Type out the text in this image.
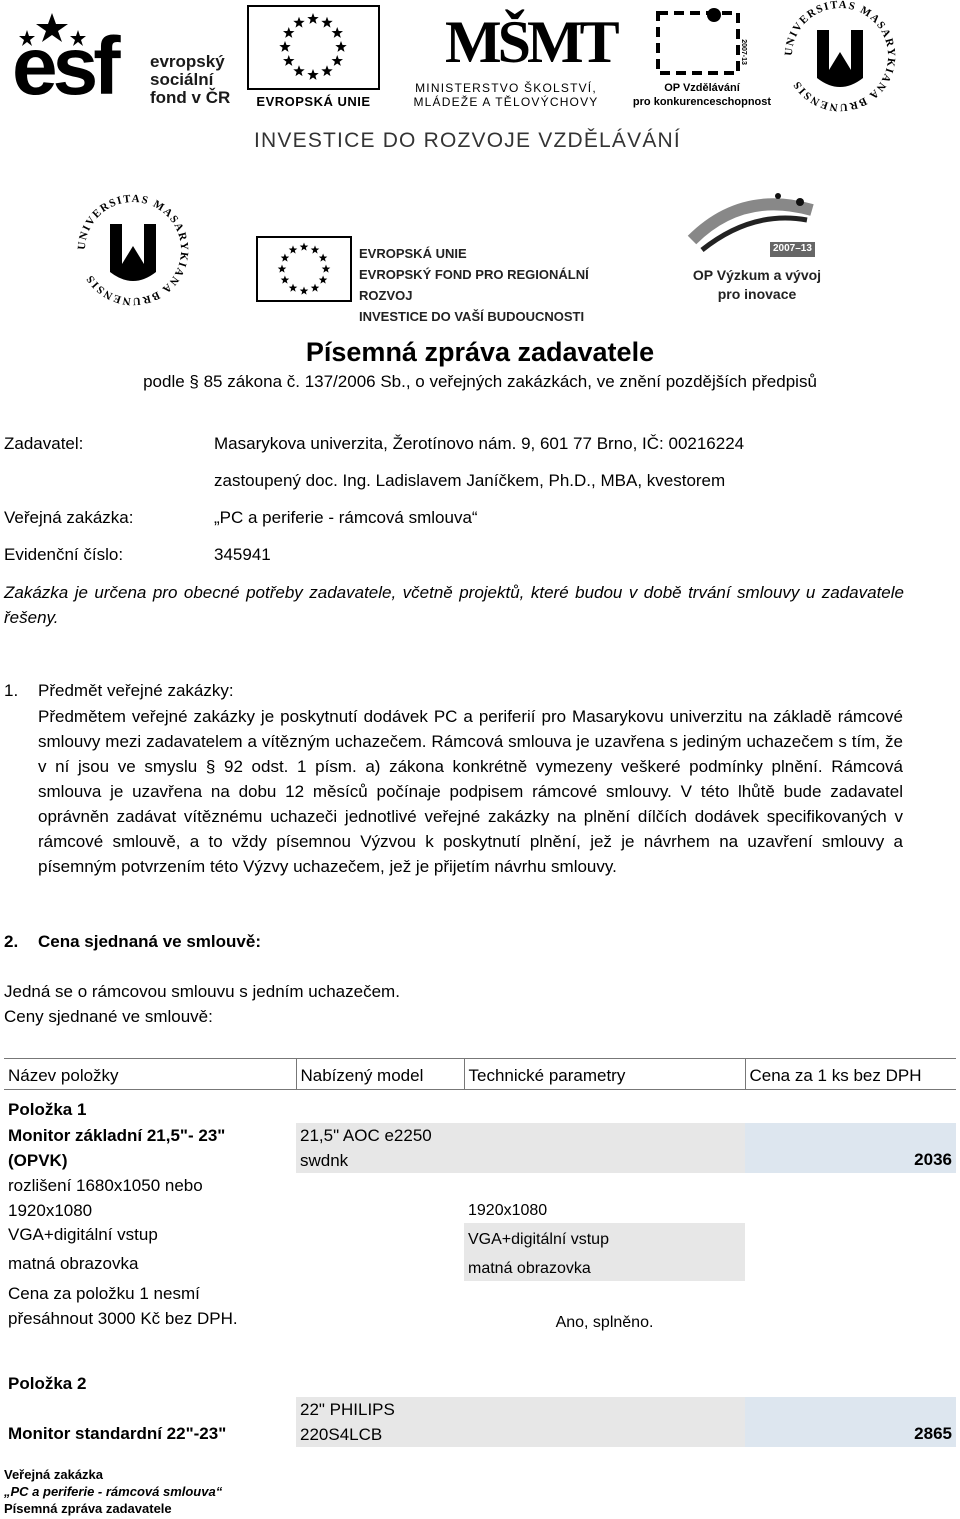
esf evropský
sociální
fond v ČR	EVROPSKÁ UNIE
MŠMT
MINISTERSTVO ŠKOLSTVÍ,
MLÁDEŽE A TĚLOVÝCHOVY
2007-13
OP Vzdělávání
pro konkurenceschopnost
UNIVERSITAS MASARYKIANA BRUNENSIS
INVESTICE DO ROZVOJE VZDĚLÁVÁNÍ
UNIVERSITAS MASARYKIANA BRUNENSIS
EVROPSKÁ UNIE
EVROPSKÝ FOND PRO REGIONÁLNÍ ROZVOJ
INVESTICE DO VAŠÍ BUDOUCNOSTI
2007–13
OP Výzkum a vývoj
pro inovace
Písemná zpráva zadavatele
podle § 85 zákona č. 137/2006 Sb., o veřejných zakázkách, ve znění pozdějších předpisů
Zadavatel:	Masarykova univerzita, Žerotínovo nám. 9, 601 77 Brno, IČ: 00216224
zastoupený doc. Ing. Ladislavem Janíčkem, Ph.D., MBA, kvestorem
Veřejná zakázka:	„PC a periferie - rámcová smlouva“
Evidenční číslo:	345941
Zakázka je určena pro obecné potřeby zadavatele, včetně projektů, které budou v době trvání smlouvy u zadavatele řešeny.
1. Předmět veřejné zakázky:
Předmětem veřejné zakázky je poskytnutí dodávek PC a periferií pro Masarykovu univerzitu na základě rámcové smlouvy mezi zadavatelem a vítězným uchazečem. Rámcová smlouva je uzavřena s jediným uchazečem s tím, že v ní jsou ve smyslu § 92 odst. 1 písm. a) zákona konkrétně vymezeny veškeré podmínky plnění. Rámcová smlouva je uzavřena na dobu 12 měsíců počínaje podpisem rámcové smlouvy. V této lhůtě bude zadavatel oprávněn zadávat vítěznému uchazeči jednotlivé veřejné zakázky na plnění dílčích dodávek specifikovaných v rámcové smlouvě, a to vždy písemnou Výzvou k poskytnutí plnění, jež je návrhem na uzavření smlouvy a písemným potvrzením této Výzvy uchazečem, jež je přijetím návrhu smlouvy.
2. Cena sjednaná ve smlouvě:
Jedná se o rámcovou smlouvu s jedním uchazečem.
Ceny sjednané ve smlouvě:
Název položky	Nabízený model	Technické parametry	Cena za 1 ks bez DPH
Položka 1			
Monitor základní 21,5"- 23" (OPVK)	21,5" AOC e2250 swdnk		2036
rozlišení 1680x1050 nebo 1920x1080		1920x1080	
VGA+digitální vstup		VGA+digitální vstup	
matná obrazovka		matná obrazovka	
Cena za položku 1 nesmí přesáhnout 3000 Kč bez DPH.		Ano, splněno.	
Položka 2			
Monitor standardní 22"-23"	22" PHILIPS 220S4LCB		2865
Veřejná zakázka
„PC a periferie - rámcová smlouva“
Písemná zpráva zadavatele
